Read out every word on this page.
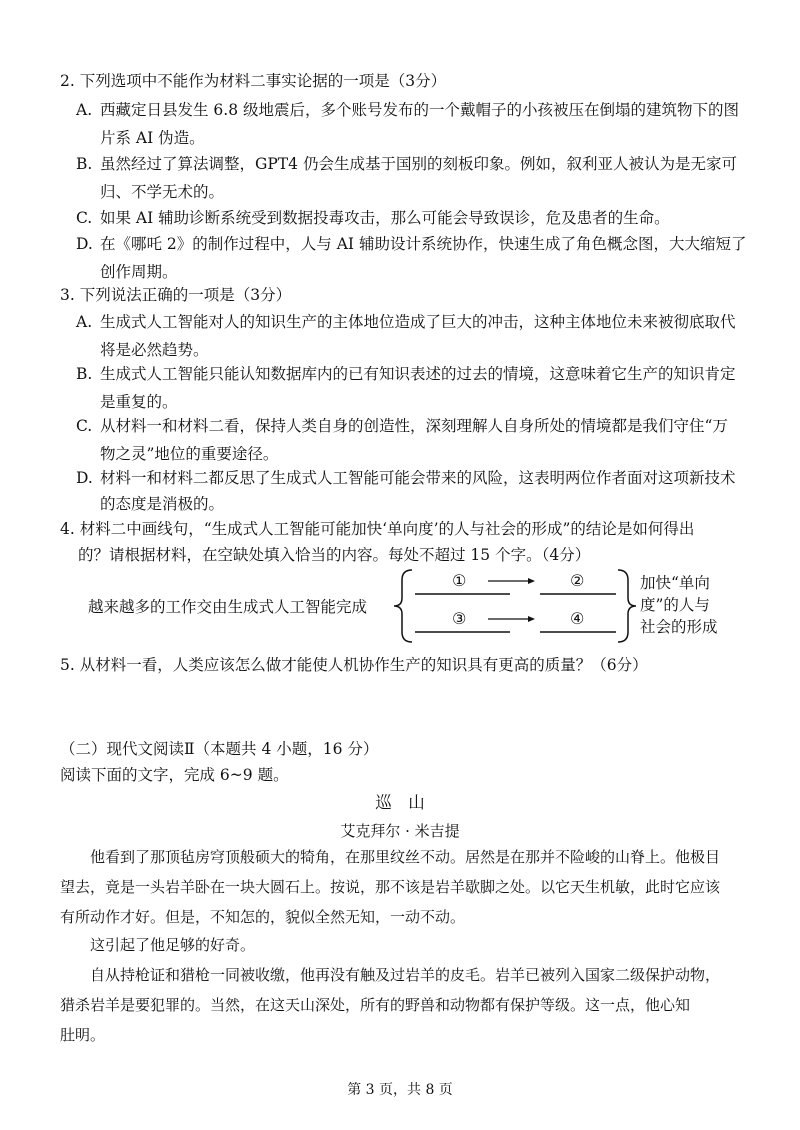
2. 下列选项中不能作为材料二事实论据的一项是（3分）
A. 西藏定日县发生 6.8 级地震后，多个账号发布的一个戴帽子的小孩被压在倒塌的建筑物下的图
片系 AI 伪造。
B. 虽然经过了算法调整，GPT4 仍会生成基于国别的刻板印象。例如，叙利亚人被认为是无家可
归、不学无术的。
C. 如果 AI 辅助诊断系统受到数据投毒攻击，那么可能会导致误诊，危及患者的生命。
D. 在《哪吒 2》的制作过程中，人与 AI 辅助设计系统协作，快速生成了角色概念图，大大缩短了
创作周期。
3. 下列说法正确的一项是（3分）
A. 生成式人工智能对人的知识生产的主体地位造成了巨大的冲击，这种主体地位未来被彻底取代
将是必然趋势。
B. 生成式人工智能只能认知数据库内的已有知识表述的过去的情境，这意味着它生产的知识肯定
是重复的。
C. 从材料一和材料二看，保持人类自身的创造性，深刻理解人自身所处的情境都是我们守住“万
物之灵”地位的重要途径。
D. 材料一和材料二都反思了生成式人工智能可能会带来的风险，这表明两位作者面对这项新技术
的态度是消极的。
4. 材料二中画线句，“生成式人工智能可能加快‘单向度’的人与社会的形成”的结论是如何得出
的？请根据材料，在空缺处填入恰当的内容。每处不超过 15 个字。（4分）
越来越多的工作交由生成式人工智能完成
①	②
③	④
加快“单向
度”的人与
社会的形成
5. 从材料一看，人类应该怎么做才能使人机协作生产的知识具有更高的质量？（6分）
（二）现代文阅读Ⅱ（本题共 4 小题，16 分）
阅读下面的文字，完成 6~9 题。
巡　山
艾克拜尔 · 米吉提
他看到了那顶毡房穹顶般硕大的犄角，在那里纹丝不动。居然是在那并不险峻的山脊上。他极目
望去，竟是一头岩羊卧在一块大圆石上。按说，那不该是岩羊歇脚之处。以它天生机敏，此时它应该
有所动作才好。但是，不知怎的，貌似全然无知，一动不动。
这引起了他足够的好奇。
自从持枪证和猎枪一同被收缴，他再没有触及过岩羊的皮毛。岩羊已被列入国家二级保护动物，
猎杀岩羊是要犯罪的。当然，在这天山深处，所有的野兽和动物都有保护等级。这一点，他心知
肚明。
第 3 页，共 8 页
